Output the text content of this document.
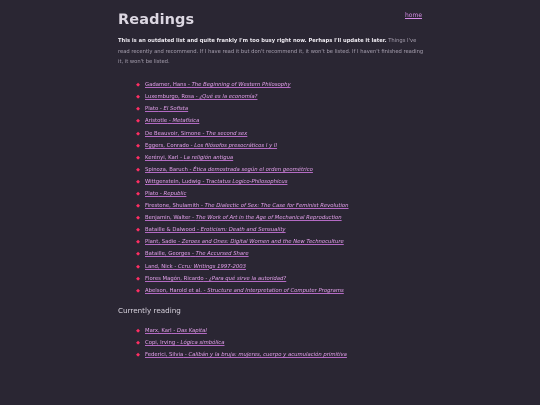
home
Readings

This is an outdated list and quite frankly I'm too busy right now. Perhaps I'll update it later. Things I've read recently and recommend. If I have read it but don't recommend it, it won't be listed. If I haven't finished reading it, it won't be listed.

◆ Gadamer, Hans - The Beginning of Western Philosophy
◆ Luxemburgo, Rosa - ¿Qué es la economía?
◆ Plato - El Sofista
◆ Aristotle - Metafísica
◆ De Beauvoir, Simone - The second sex
◆ Eggers, Conrado - Los filósofos presocráticos I y II
◆ Kerényi, Karl - La religión antigua
◆ Spinoza, Baruch - Ética demostrada según el orden geométrico
◆ Wittgenstein, Ludwig - Tractatus Logico-Philosophicus
◆ Plato - Republic
◆ Firestone, Shulamith - The Dialectic of Sex: The Case for Feminist Revolution
◆ Benjamin, Walter - The Work of Art in the Age of Mechanical Reproduction
◆ Bataille & Dalwood - Eroticism: Death and Sensuality
◆ Plant, Sadie - Zeroes and Ones: Digital Women and the New Technoculture
◆ Bataille, Georges - The Accursed Share
◆ Land, Nick - Ccru: Writings 1997-2003
◆ Flores Magón, Ricardo - ¿Para qué sirve la autoridad?
◆ Abelson, Harold et al. - Structure and Interpretation of Computer Programs
Currently reading
◆ Marx, Karl - Das Kapital
◆ Copi, Irving - Lógica simbólica
◆ Federici, Silvia - Calibán y la bruja: mujeres, cuerpo y acumulación primitiva
